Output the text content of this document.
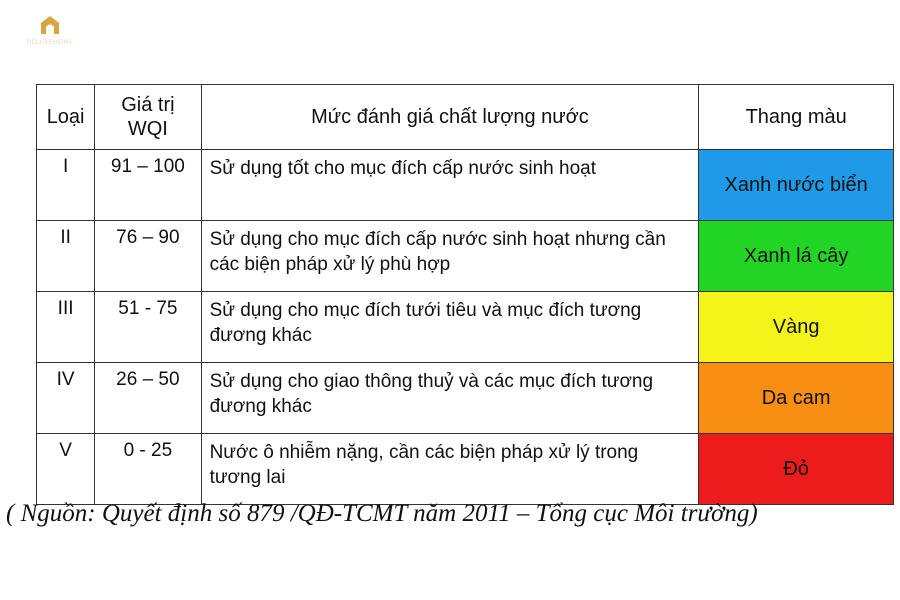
DELUXEHOME
Loại	Giá trị WQI	Mức đánh giá chất lượng nước	Thang màu
I	91 – 100	Sử dụng tốt cho mục đích cấp nước sinh hoạt	Xanh nước biển
II	76 – 90	Sử dụng cho mục đích cấp nước sinh hoạt nhưng cần các biện pháp xử lý phù hợp	Xanh lá cây
III	51 - 75	Sử dụng cho mục đích tưới tiêu và mục đích tương đương khác	Vàng
IV	26 – 50	Sử dụng cho giao thông thuỷ và các mục đích tương đương khác	Da cam
V	0 - 25	Nước ô nhiễm nặng, cần các biện pháp xử lý trong tương lai	Đỏ
( Nguồn: Quyết định số 879 /QĐ-TCMT năm 2011 – Tổng cục Môi trường)
